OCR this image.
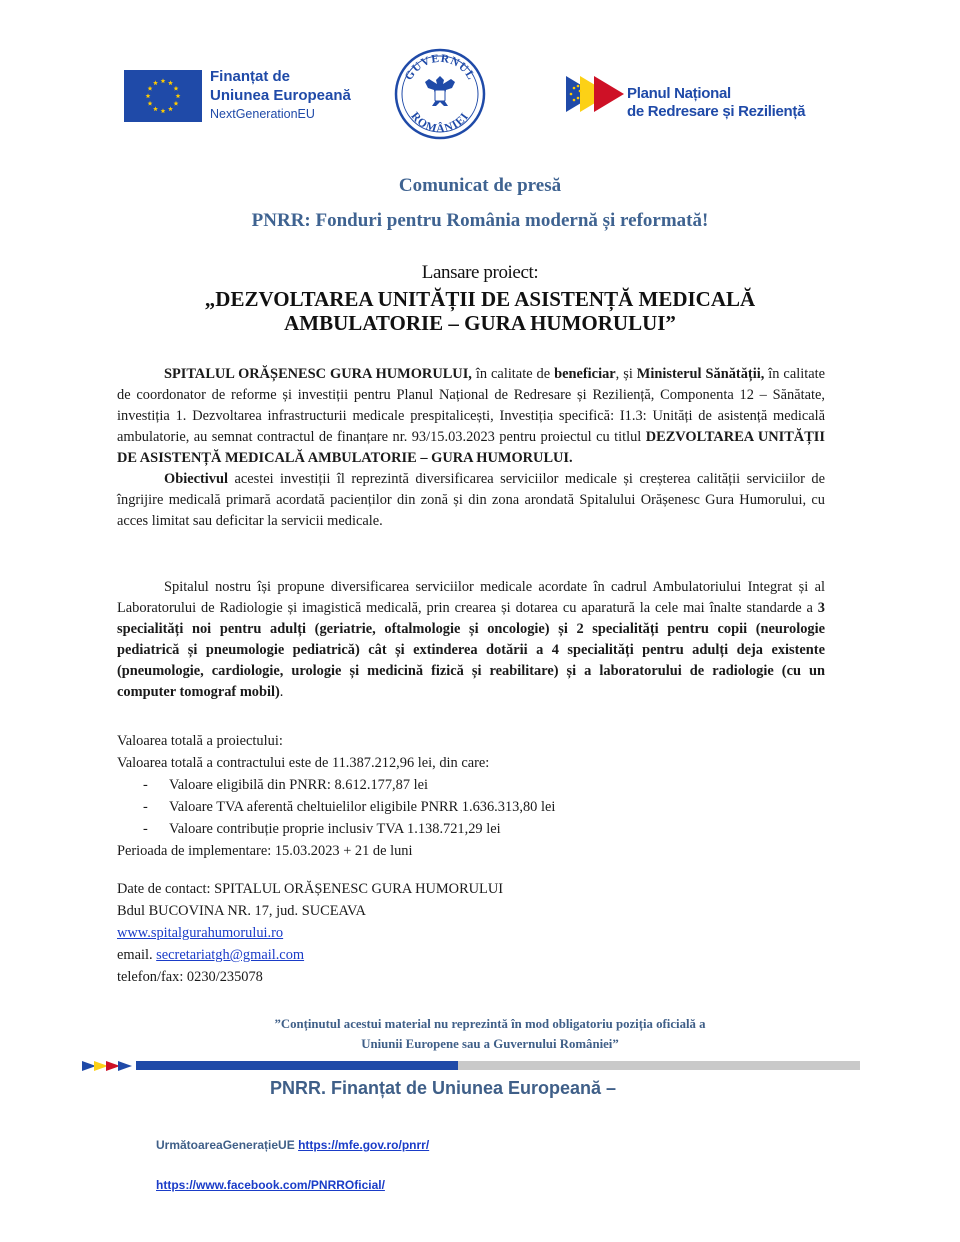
Finanțat de
Uniunea Europeană
NextGenerationEU
GUVERNUL
ROMÂNIEI
Planul Național
de Redresare și Reziliență
Comunicat de presă
PNRR: Fonduri pentru România modernă și reformată!
Lansare proiect:
„DEZVOLTAREA UNITĂȚII DE ASISTENȚĂ MEDICALĂ
AMBULATORIE – GURA HUMORULUI”

SPITALUL ORĂȘENESC GURA HUMORULUI, în calitate de beneficiar, și Ministerul Sănătății, în calitate de coordonator de reforme și investiții pentru Planul Național de Redresare și Reziliență, Componenta 12 – Sănătate, investiția 1. Dezvoltarea infrastructurii medicale prespitalicești, Investiția specifică: I1.3: Unități de asistență medicală ambulatorie, au semnat contractul de finanțare nr. 93/15.03.2023 pentru proiectul cu titlul DEZVOLTAREA UNITĂȚII DE ASISTENȚĂ MEDICALĂ AMBULATORIE – GURA HUMORULUI.

Obiectivul acestei investiții îl reprezintă diversificarea serviciilor medicale și creșterea calității serviciilor de îngrijire medicală primară acordată pacienților din zonă și din zona arondată Spitalului Orășenesc Gura Humorului, cu acces limitat sau deficitar la servicii medicale.

Spitalul nostru își propune diversificarea serviciilor medicale acordate în cadrul Ambulatoriului Integrat și al Laboratorului de Radiologie și imagistică medicală, prin crearea și dotarea cu aparatură la cele mai înalte standarde a 3 specialități noi pentru adulți (geriatrie, oftalmologie și oncologie) și 2 specialități pentru copii (neurologie pediatrică și pneumologie pediatrică) cât și extinderea dotării a 4 specialități pentru adulți deja existente (pneumologie, cardiologie, urologie și medicină fizică și reabilitare) și a laboratorului de radiologie (cu un computer tomograf mobil).

Valoarea totală a proiectului:
Valoarea totală a contractului este de 11.387.212,96 lei, din care:
- Valoare eligibilă din PNRR: 8.612.177,87 lei
- Valoare TVA aferentă cheltuielilor eligibile PNRR 1.636.313,80 lei
- Valoare contribuție proprie inclusiv TVA 1.138.721,29 lei
Perioada de implementare: 15.03.2023 + 21 de luni
Date de contact: SPITALUL ORĂȘENESC GURA HUMORULUI
Bdul BUCOVINA NR. 17, jud. SUCEAVA
www.spitalgurahumorului.ro
email. secretariatgh@gmail.com
telefon/fax: 0230/235078
”Conținutul acestui material nu reprezintă în mod obligatoriu poziția oficială a
Uniunii Europene sau a Guvernului României”
PNRR. Finanțat de Uniunea Europeană –
UrmătoareaGenerațieUE https://mfe.gov.ro/pnrr/
https://www.facebook.com/PNRROficial/
